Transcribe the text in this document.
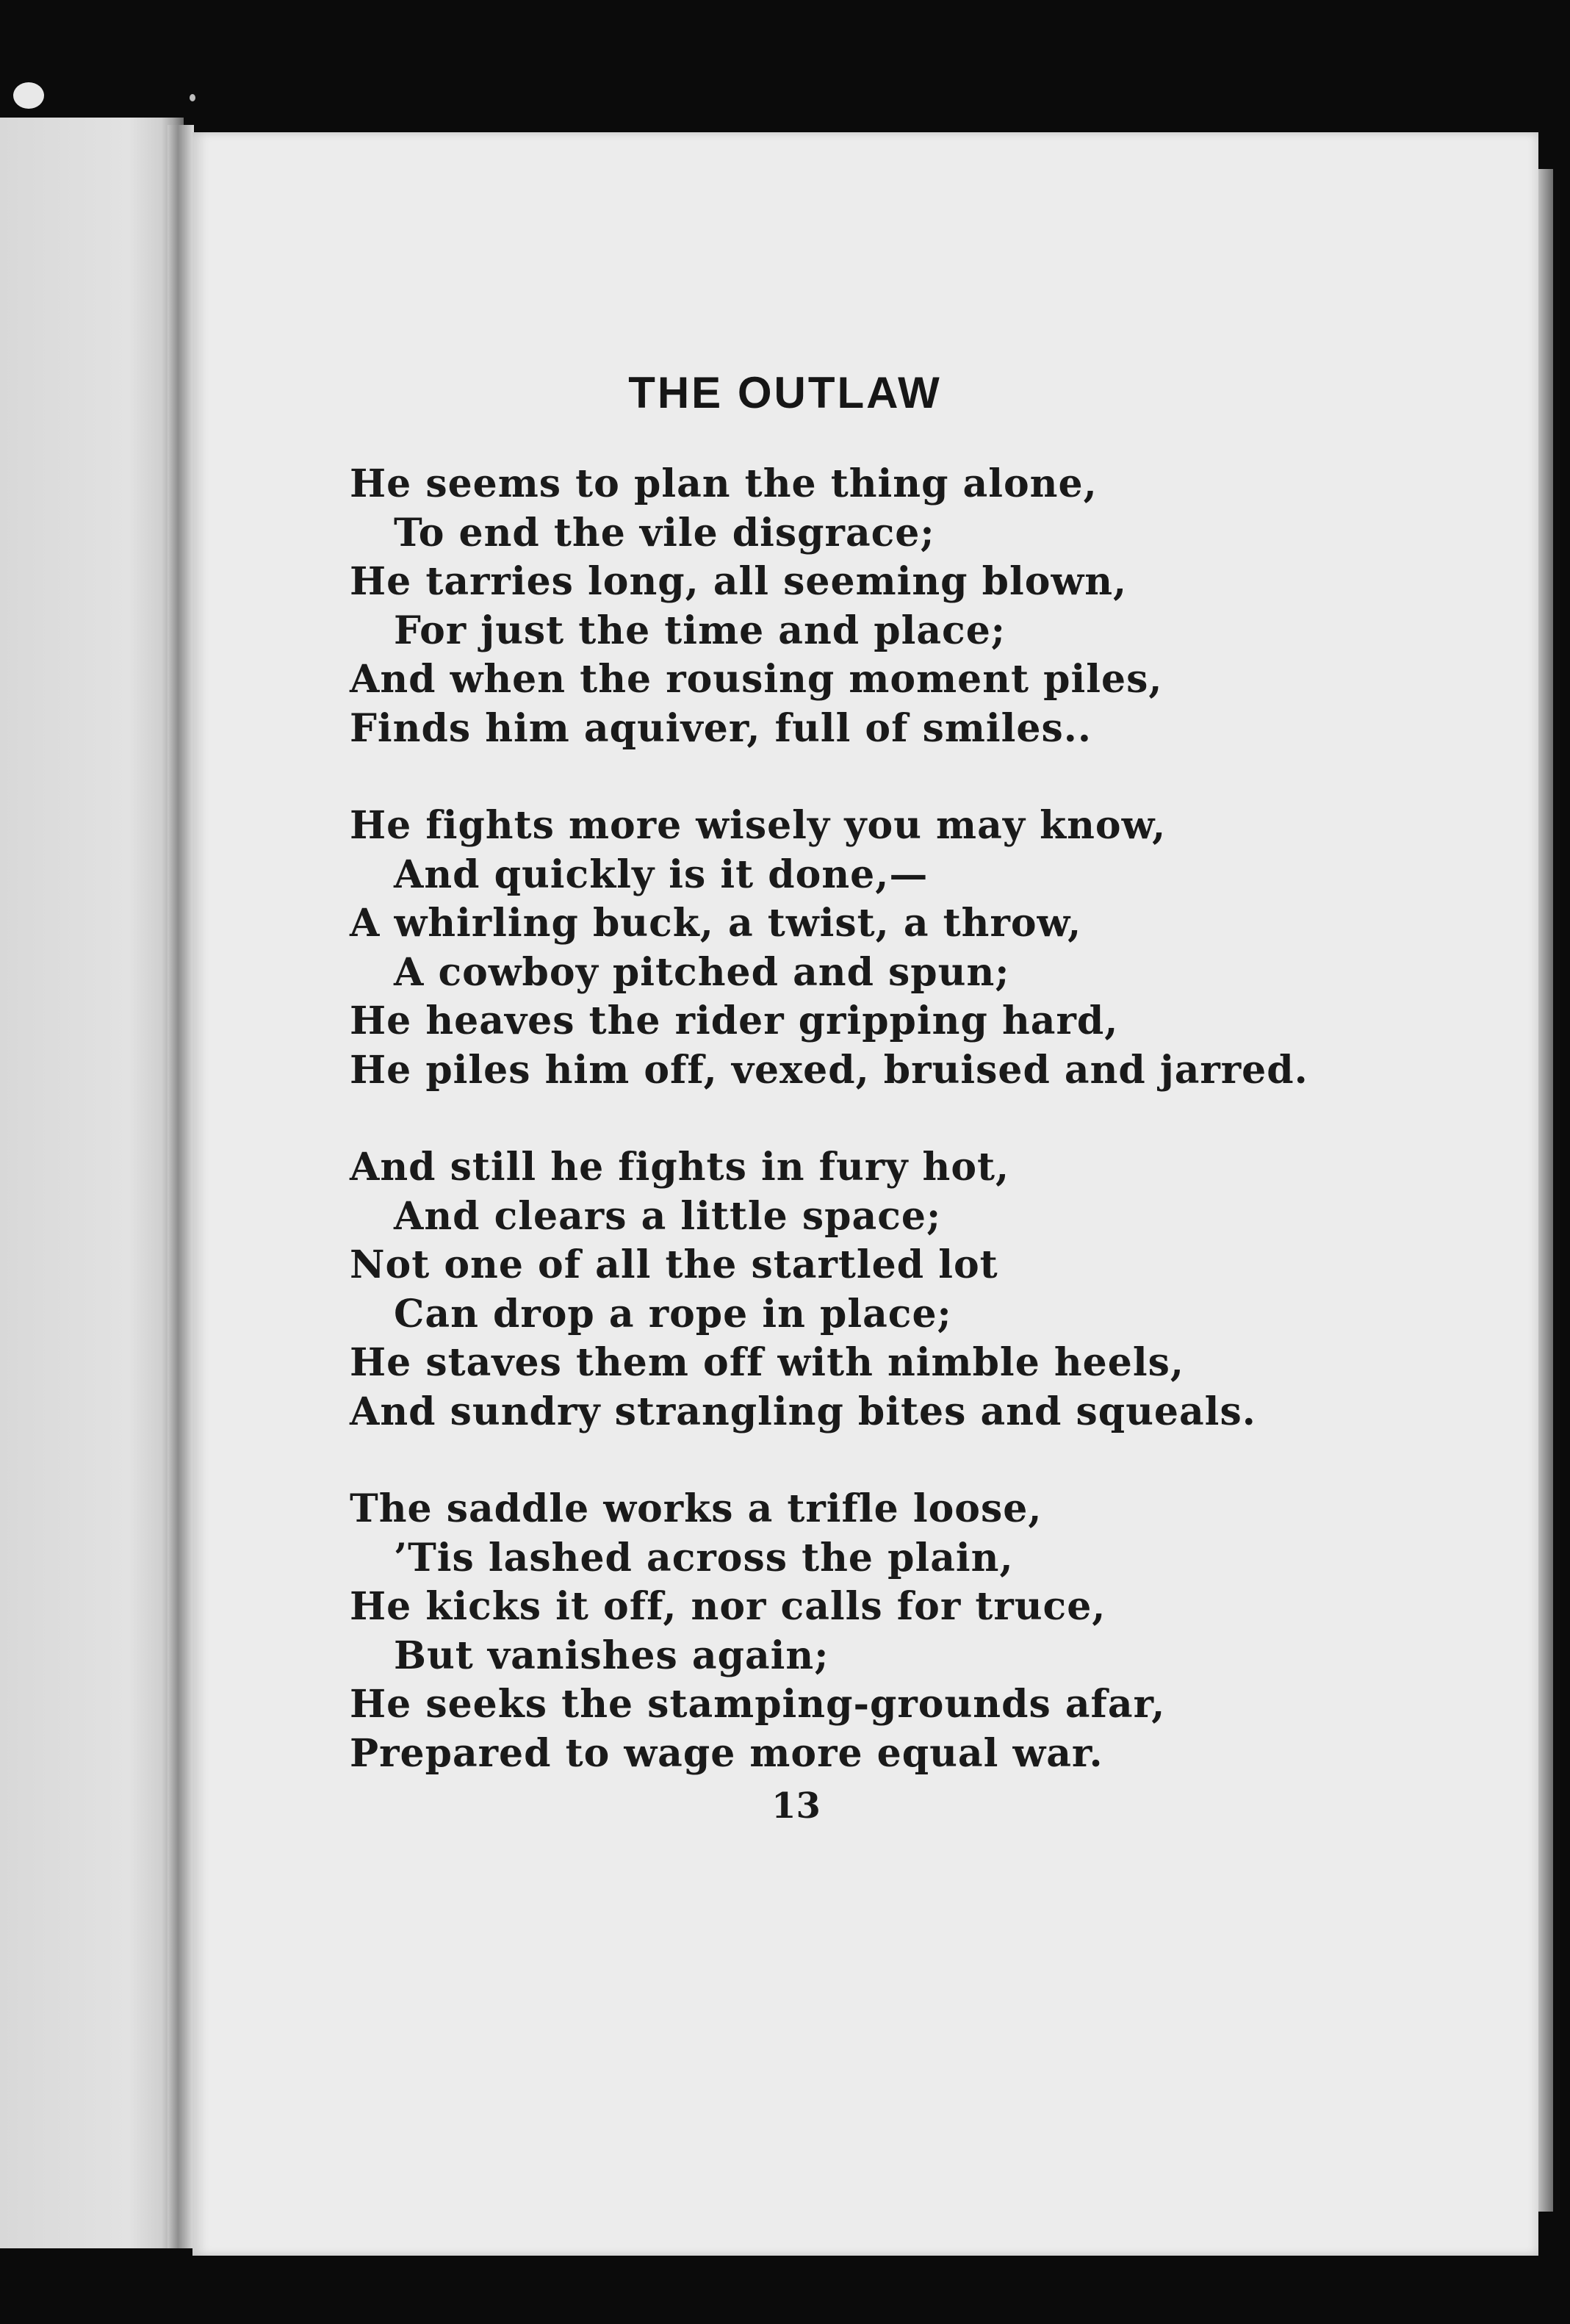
THE OUTLAW
He seems to plan the thing alone,
To end the vile disgrace;
He tarries long, all seeming blown,
For just the time and place;
And when the rousing moment piles,
Finds him aquiver, full of smiles..
He fights more wisely you may know,
And quickly is it done,—
A whirling buck, a twist, a throw,
A cowboy pitched and spun;
He heaves the rider gripping hard,
He piles him off, vexed, bruised and jarred.
And still he fights in fury hot,
And clears a little space;
Not one of all the startled lot
Can drop a rope in place;
He staves them off with nimble heels,
And sundry strangling bites and squeals.
The saddle works a trifle loose,
’Tis lashed across the plain,
He kicks it off, nor calls for truce,
But vanishes again;
He seeks the stamping-grounds afar,
Prepared to wage more equal war.
13
